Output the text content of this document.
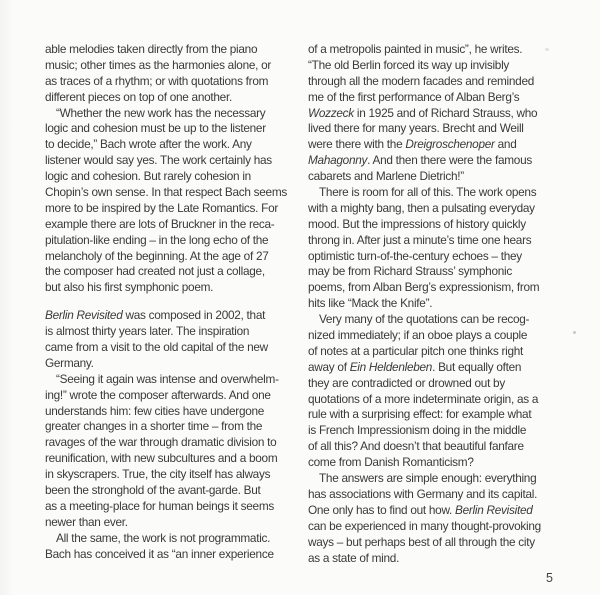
able melodies taken directly from the piano
music; other times as the harmonies alone, or
as traces of a rhythm; or with quotations from
different pieces on top of one another.
“Whether the new work has the necessary
logic and cohesion must be up to the listener
to decide,” Bach wrote after the work. Any
listener would say yes. The work certainly has
logic and cohesion. But rarely cohesion in
Chopin’s own sense. In that respect Bach seems
more to be inspired by the Late Romantics. For
example there are lots of Bruckner in the reca-
pitulation-like ending – in the long echo of the
melancholy of the beginning. At the age of 27
the composer had created not just a collage,
but also his first symphonic poem.
Berlin Revisited was composed in 2002, that
is almost thirty years later. The inspiration
came from a visit to the old capital of the new
Germany.
“Seeing it again was intense and overwhelm-
ing!” wrote the composer afterwards. And one
understands him: few cities have undergone
greater changes in a shorter time – from the
ravages of the war through dramatic division to
reunification, with new subcultures and a boom
in skyscrapers. True, the city itself has always
been the stronghold of the avant-garde. But
as a meeting-place for human beings it seems
newer than ever.
All the same, the work is not programmatic.
Bach has conceived it as “an inner experience
of a metropolis painted in music”, he writes.
“The old Berlin forced its way up invisibly
through all the modern facades and reminded
me of the first performance of Alban Berg’s
Wozzeck in 1925 and of Richard Strauss, who
lived there for many years. Brecht and Weill
were there with the Dreigroschenoper and
Mahagonny. And then there were the famous
cabarets and Marlene Dietrich!”
There is room for all of this. The work opens
with a mighty bang, then a pulsating everyday
mood. But the impressions of history quickly
throng in. After just a minute’s time one hears
optimistic turn-of-the-century echoes – they
may be from Richard Strauss’ symphonic
poems, from Alban Berg’s expressionism, from
hits like “Mack the Knife”.
Very many of the quotations can be recog-
nized immediately; if an oboe plays a couple
of notes at a particular pitch one thinks right
away of Ein Heldenleben. But equally often
they are contradicted or drowned out by
quotations of a more indeterminate origin, as a
rule with a surprising effect: for example what
is French Impressionism doing in the middle
of all this? And doesn’t that beautiful fanfare
come from Danish Romanticism?
The answers are simple enough: everything
has associations with Germany and its capital.
One only has to find out how. Berlin Revisited
can be experienced in many thought-provoking
ways – but perhaps best of all through the city
as a state of mind.
5
